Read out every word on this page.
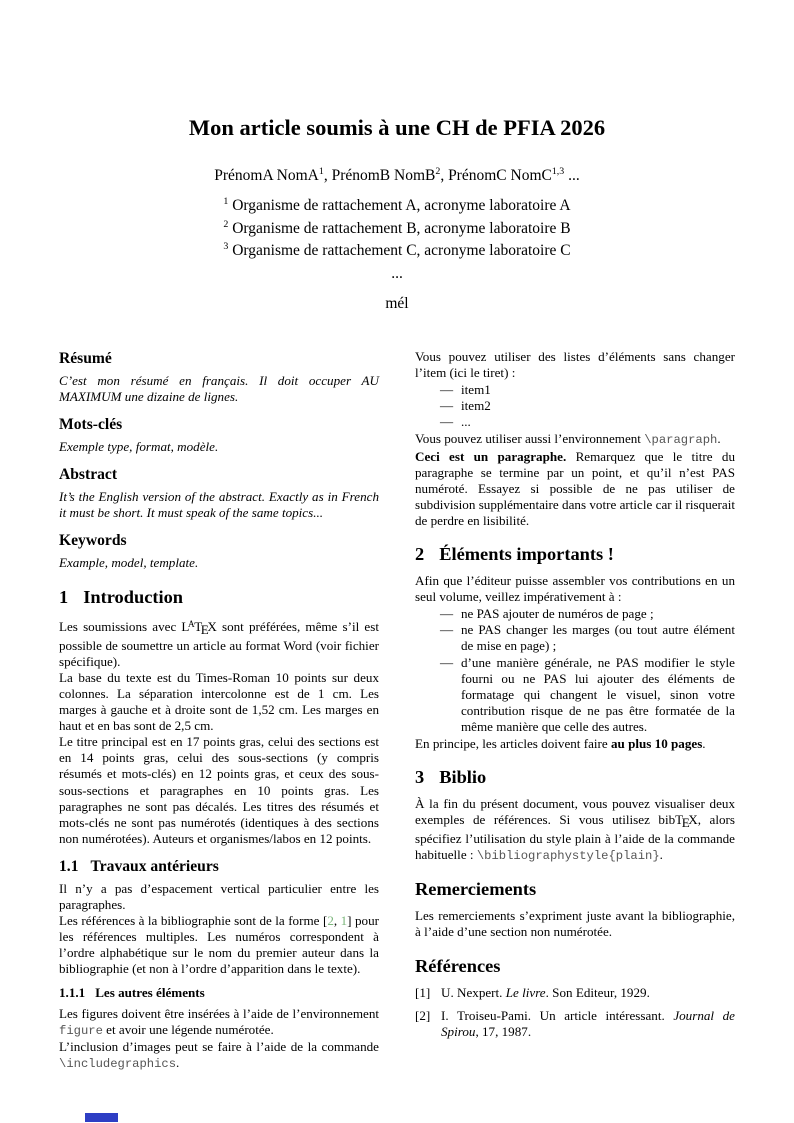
Mon article soumis à une CH de PFIA 2026
PrénomA NomA$^1$, PrénomB NomB$^2$, PrénomC NomC$^{1,3}$ ...
$^1$ Organisme de rattachement A, acronyme laboratoire A
$^2$ Organisme de rattachement B, acronyme laboratoire B
$^3$ Organisme de rattachement C, acronyme laboratoire C
...
mél
Résumé

C’est mon résumé en français. Il doit occuper AU MAXIMUM une dizaine de lignes.

Mots-clés

Exemple type, format, modèle.

Abstract

It’s the English version of the abstract. Exactly as in French it must be short. It must speak of the same topics...

Keywords

Example, model, template.

1 Introduction

Les soumissions avec $L^ATEX$ sont préférées, même s’il est possible de soumettre un article au format Word (voir fichier spécifique).

La base du texte est du Times-Roman 10 points sur deux colonnes. La séparation intercolonne est de 1 cm. Les marges à gauche et à droite sont de 1,52 cm. Les marges en haut et en bas sont de 2,5 cm.

Le titre principal est en 17 points gras, celui des sections est en 14 points gras, celui des sous-sections (y compris résumés et mots-clés) en 12 points gras, et ceux des sous-sous-sections et paragraphes en 10 points gras. Les paragraphes ne sont pas décalés. Les titres des résumés et mots-clés ne sont pas numérotés (identiques à des sections non numérotées). Auteurs et organismes/labos en 12 points.

1.1 Travaux antérieurs

Il n’y a pas d’espacement vertical particulier entre les paragraphes.

Les références à la bibliographie sont de la forme [2, 1] pour les références multiples. Les numéros correspondent à l’ordre alphabétique sur le nom du premier auteur dans la bibliographie (et non à l’ordre d’apparition dans le texte).

1.1.1 Les autres éléments

Les figures doivent être insérées à l’aide de l’environnement figure et avoir une légende numérotée.

L’inclusion d’images peut se faire à l’aide de la commande \includegraphics.

Vous pouvez utiliser des listes d’éléments sans changer l’item (ici le tiret) :

— item1
— item2
— ...

Vous pouvez utiliser aussi l’environnement \paragraph.

Ceci est un paragraphe. Remarquez que le titre du paragraphe se termine par un point, et qu’il n’est PAS numéroté. Essayez si possible de ne pas utiliser de subdivision supplémentaire dans votre article car il risquerait de perdre en lisibilité.

2 Éléments importants !

Afin que l’éditeur puisse assembler vos contributions en un seul volume, veillez impérativement à :

— ne PAS ajouter de numéros de page ;
— ne PAS changer les marges (ou tout autre élément de mise en page) ;
— d’une manière générale, ne PAS modifier le style fourni ou ne PAS lui ajouter des éléments de formatage qui changent le visuel, sinon votre contribution risque de ne pas être formatée de la même manière que celle des autres.

En principe, les articles doivent faire au plus 10 pages.

3 Biblio

À la fin du présent document, vous pouvez visualiser deux exemples de références. Si vous utilisez bibTEX, alors spécifiez l’utilisation du style plain à l’aide de la commande habituelle : \bibliographystyle{plain}.

Remerciements

Les remerciements s’expriment juste avant la bibliographie, à l’aide d’une section non numérotée.

Références
[1] U. Nexpert. Le livre. Son Editeur, 1929.
[2] I. Troiseu-Pami. Un article intéressant. Journal de Spirou, 17, 1987.
